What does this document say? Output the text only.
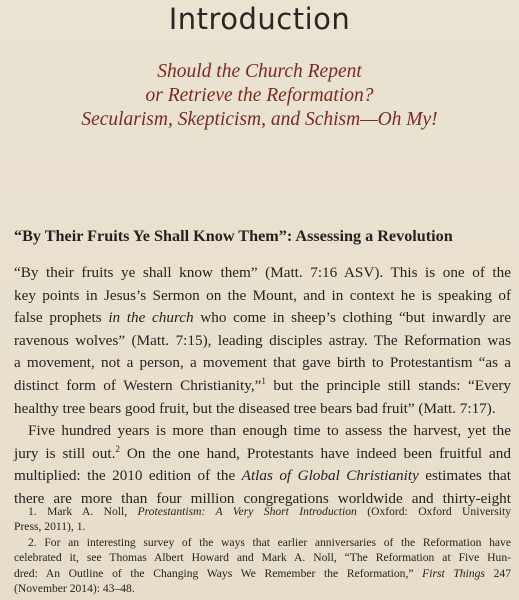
Introduction
Should the Church Repent
or Retrieve the Reformation?
Secularism, Skepticism, and Schism—Oh My!
“By Their Fruits Ye Shall Know Them”: Assessing a Revolution
“By their fruits ye shall know them” (Matt. 7:16 ASV). This is one of the
key points in Jesus’s Sermon on the Mount, and in context he is speaking of
false prophets in the church who come in sheep’s clothing “but inwardly are
ravenous wolves” (Matt. 7:15), leading disciples astray. The Reformation was
a movement, not a person, a movement that gave birth to Protestantism “as a
distinct form of Western Christianity,”$^1$ but the principle still stands: “Every
healthy tree bears good fruit, but the diseased tree bears bad fruit” (Matt. 7:17).
Five hundred years is more than enough time to assess the harvest, yet the
jury is still out.$^2$ On the one hand, Protestants have indeed been fruitful and
multiplied: the 2010 edition of the Atlas of Global Christianity estimates that
there are more than four million congregations worldwide and thirty-eight
1. Mark A. Noll, Protestantism: A Very Short Introduction (Oxford: Oxford University
Press, 2011), 1.
2. For an interesting survey of the ways that earlier anniversaries of the Reformation have
celebrated it, see Thomas Albert Howard and Mark A. Noll, “The Reformation at Five Hun-
dred: An Outline of the Changing Ways We Remember the Reformation,” First Things 247
(November 2014): 43–48.
